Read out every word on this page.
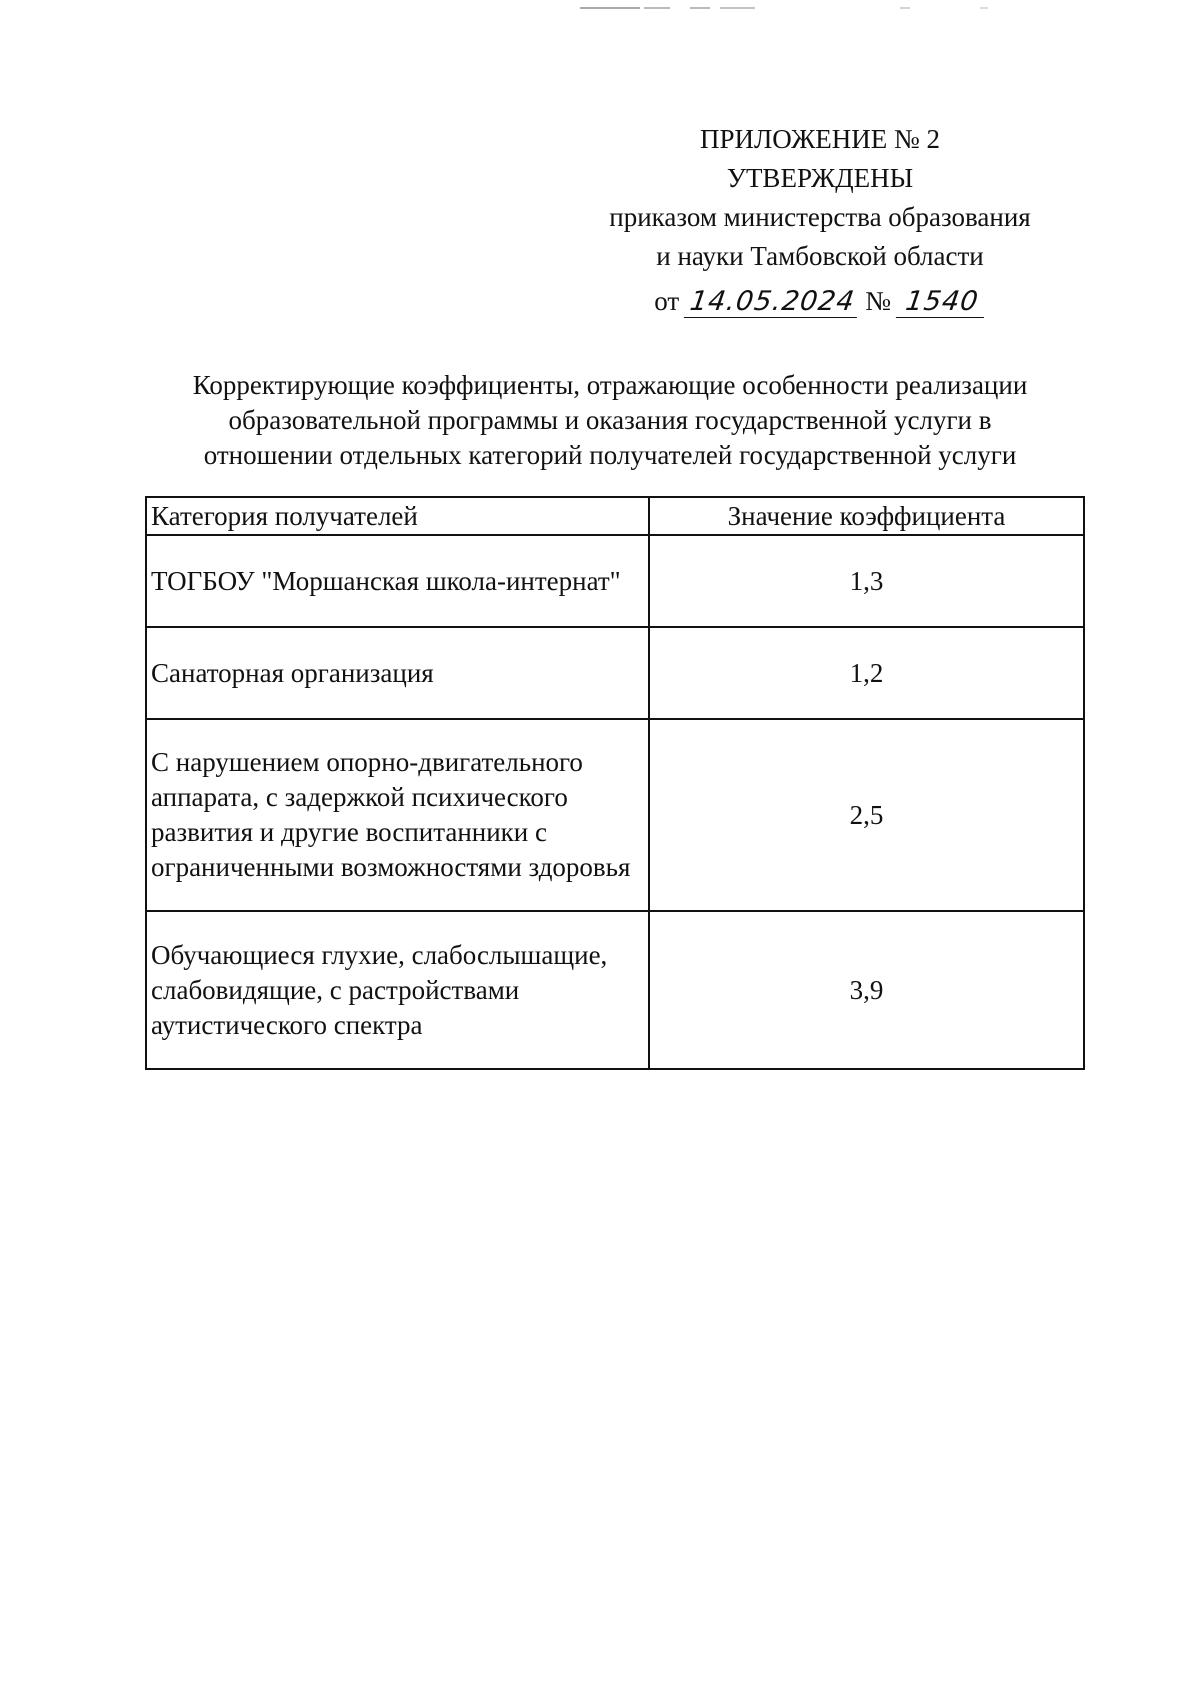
ПРИЛОЖЕНИЕ № 2
УТВЕРЖДЕНЫ
приказом министерства образования
и науки Тамбовской области
от 14.05.2024 № 1540
Корректирующие коэффициенты, отражающие особенности реализации
образовательной программы и оказания государственной услуги в
отношении отдельных категорий получателей государственной услуги
Категория получателей	Значение коэффициента
ТОГБОУ "Моршанская школа-интернат"	1,3
Санаторная организация	1,2
С нарушением опорно-двигательного аппарата, с задержкой психического развития и другие воспитанники с ограниченными возможностями здоровья	2,5
Обучающиеся глухие, слабослышащие, слабовидящие, с растройствами аутистического спектра	3,9
